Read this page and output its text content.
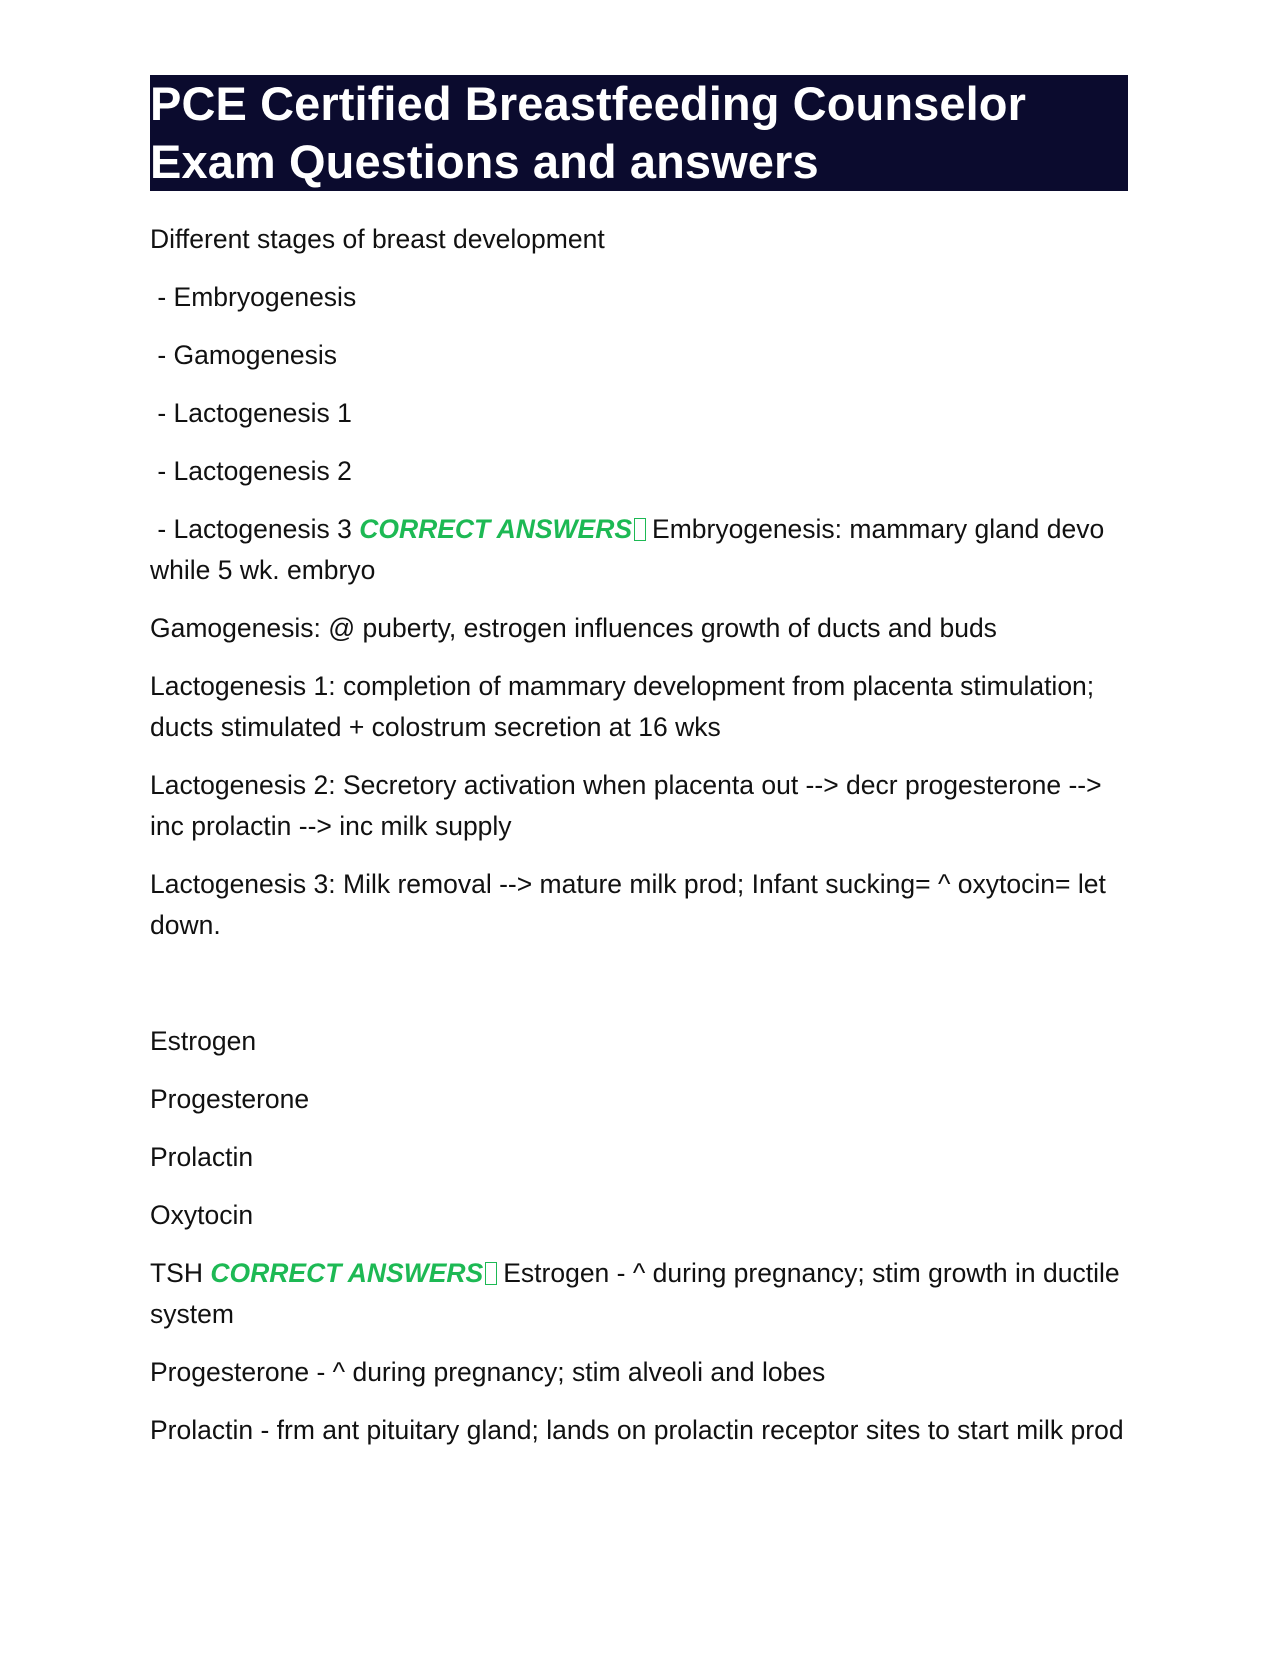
PCE Certified Breastfeeding Counselor
Exam Questions and answers

Different stages of breast development

- Embryogenesis

- Gamogenesis

- Lactogenesis 1

- Lactogenesis 2

- Lactogenesis 3 CORRECT ANSWERS Embryogenesis: mammary gland devo while 5 wk. embryo

Gamogenesis: @ puberty, estrogen influences growth of ducts and buds

Lactogenesis 1: completion of mammary development from placenta stimulation; ducts stimulated + colostrum secretion at 16 wks

Lactogenesis 2: Secretory activation when placenta out --> decr progesterone --> inc prolactin --> inc milk supply

Lactogenesis 3: Milk removal --> mature milk prod; Infant sucking= ^ oxytocin= let down.

Estrogen

Progesterone

Prolactin

Oxytocin

TSH CORRECT ANSWERS Estrogen - ^ during pregnancy; stim growth in ductile system

Progesterone - ^ during pregnancy; stim alveoli and lobes

Prolactin - frm ant pituitary gland; lands on prolactin receptor sites to start milk prod
